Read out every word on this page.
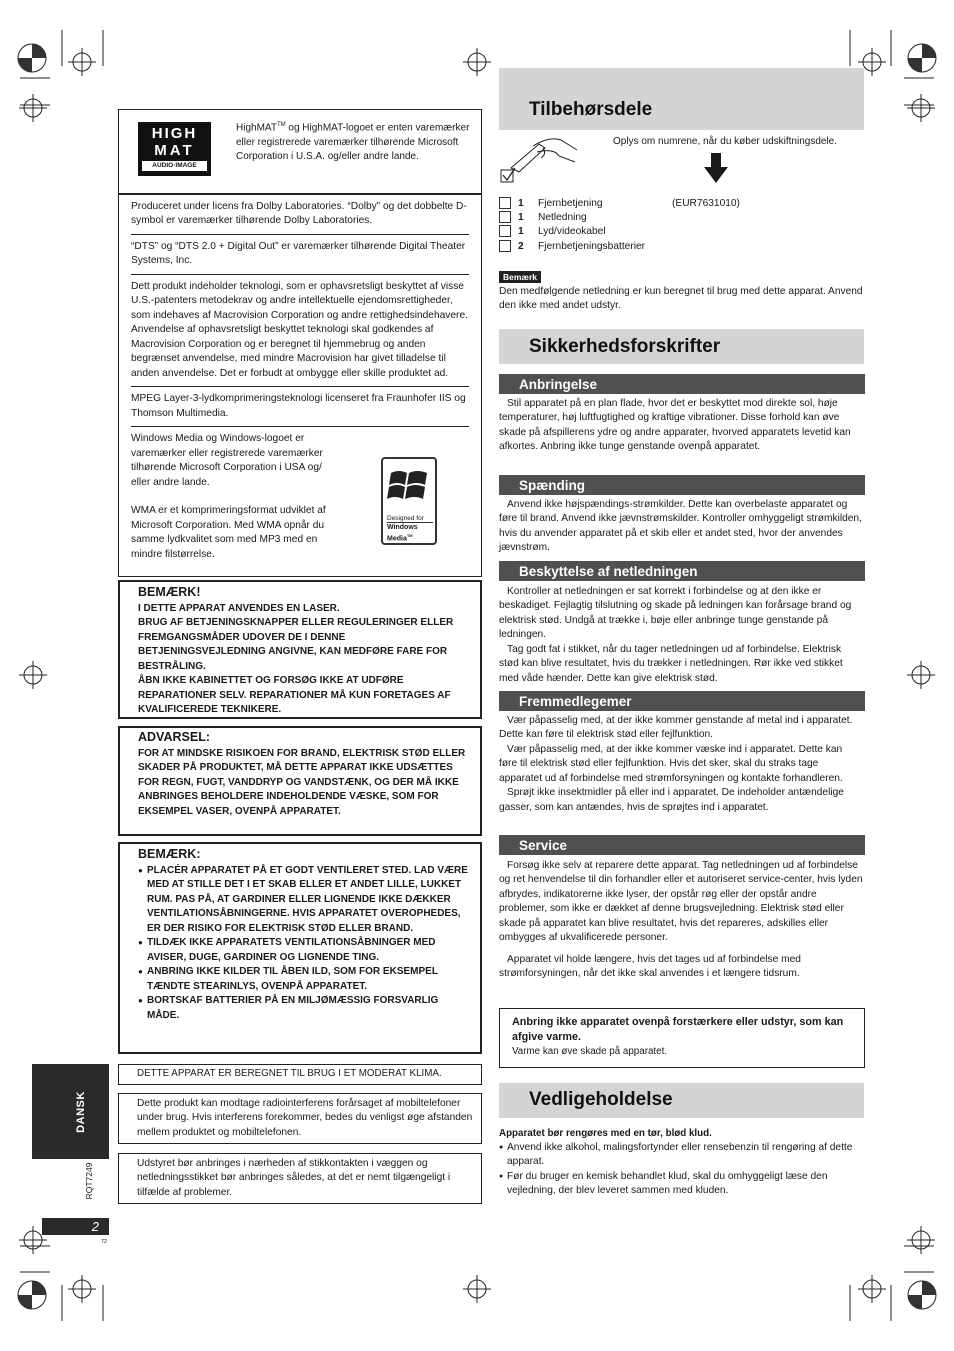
HIGH
MAT
AUDIO·IMAGE
HighMAT™ og HighMAT-logoet er enten varemærker eller registrerede varemærker tilhørende Microsoft Corporation i U.S.A. og/eller andre lande.

Produceret under licens fra Dolby Laboratories. “Dolby” og det dobbelte D-symbol er varemærker tilhørende Dolby Laboratories.

“DTS” og “DTS 2.0 + Digital Out” er varemærker tilhørende Digital Theater Systems, Inc.

Dett produkt indeholder teknologi, som er ophavsretsligt beskyttet af visse U.S.-patenters metodekrav og andre intellektuelle ejendomsrettigheder, som indehaves af Macrovision Corporation og andre rettighedsindehavere. Anvendelse af ophavsretsligt beskyttet teknologi skal godkendes af Macrovision Corporation og er beregnet til hjemmebrug og anden begrænset anvendelse, med mindre Macrovision har givet tilladelse til anden anvendelse. Det er forbudt at ombygge eller skille produktet ad.

MPEG Layer-3-lydkomprimeringsteknologi licenseret fra Fraunhofer IIS og Thomson Multimedia.

Windows Media og Windows-logoet er varemærker eller registrerede varemærker tilhørende Microsoft Corporation i USA og/ eller andre lande.

WMA er et komprimeringsformat udviklet af Microsoft Corporation. Med WMA opnår du samme lydkvalitet som med MP3 med en mindre filstørrelse.

Designed for
Windows
Media™

BEMÆRK!

I DETTE APPARAT ANVENDES EN LASER.

BRUG AF BETJENINGSKNAPPER ELLER REGULERINGER ELLER FREMGANGSMÅDER UDOVER DE I DENNE BETJENINGSVEJLEDNING ANGIVNE, KAN MEDFØRE FARE FOR BESTRÅLING.

ÅBN IKKE KABINETTET OG FORSØG IKKE AT UDFØRE REPARATIONER SELV. REPARATIONER MÅ KUN FORETAGES AF KVALIFICEREDE TEKNIKERE.

ADVARSEL:

FOR AT MINDSKE RISIKOEN FOR BRAND, ELEKTRISK STØD ELLER SKADER PÅ PRODUKTET, MÅ DETTE APPARAT IKKE UDSÆTTES FOR REGN, FUGT, VANDDRYP OG VANDSTÆNK, OG DER MÅ IKKE ANBRINGES BEHOLDERE INDEHOLDENDE VÆSKE, SOM FOR EKSEMPEL VASER, OVENPÅ APPARATET.

BEMÆRK:

● PLACÉR APPARATET PÅ ET GODT VENTILERET STED. LAD VÆRE MED AT STILLE DET I ET SKAB ELLER ET ANDET LILLE, LUKKET RUM. PAS PÅ, AT GARDINER ELLER LIGNENDE IKKE DÆKKER VENTILATIONSÅBNINGERNE. HVIS APPARATET OVEROPHEDES, ER DER RISIKO FOR ELEKTRISK STØD ELLER BRAND.
● TILDÆK IKKE APPARATETS VENTILATIONSÅBNINGER MED AVISER, DUGE, GARDINER OG LIGNENDE TING.
● ANBRING IKKE KILDER TIL ÅBEN ILD, SOM FOR EKSEMPEL TÆNDTE STEARINLYS, OVENPÅ APPARATET.
● BORTSKAF BATTERIER PÅ EN MILJØMÆSSIG FORSVARLIG MÅDE.
DETTE APPARAT ER BEREGNET TIL BRUG I ET MODERAT KLIMA.

Dette produkt kan modtage radiointerferens forårsaget af mobiltelefoner under brug. Hvis interferens forekommer, bedes du venligst øge afstanden mellem produktet og mobiltelefonen.

Udstyret bør anbringes i nærheden af stikkontakten i væggen og netledningsstikket bør anbringes således, at det er nemt tilgængeligt i tilfælde af problemer.

DANSK
RQT7249
2
72
Tilbehørsdele
Oplys om numrene, når du køber udskiftningsdele.
1 Fjernbetjening	(EUR7631010)
1 Netledning
1 Lyd/videokabel
2 Fjernbetjeningsbatterier
Bemærk
Den medfølgende netledning er kun beregnet til brug med dette apparat. Anvend den ikke med andet udstyr.
Sikkerhedsforskrifter
Anbringelse
Stil apparatet på en plan flade, hvor det er beskyttet mod direkte sol, høje temperaturer, høj luftfugtighed og kraftige vibrationer. Disse forhold kan øve skade på afspillerens ydre og andre apparater, hvorved apparatets levetid kan afkortes. Anbring ikke tunge genstande ovenpå apparatet.
Spænding
Anvend ikke højspændings-strømkilder. Dette kan overbelaste apparatet og føre til brand. Anvend ikke jævnstrømskilder. Kontroller omhyggeligt strømkilden, hvis du anvender apparatet på et skib eller et andet sted, hvor der anvendes jævnstrøm.
Beskyttelse af netledningen

Kontroller at netledningen er sat korrekt i forbindelse og at den ikke er beskadiget. Fejlagtig tilslutning og skade på ledningen kan forårsage brand og elektrisk stød. Undgå at trække i, bøje eller anbringe tunge genstande på ledningen.

Tag godt fat i stikket, når du tager netledningen ud af forbindelse. Elektrisk stød kan blive resultatet, hvis du trækker i netledningen. Rør ikke ved stikket med våde hænder. Dette kan give elektrisk stød.

Fremmedlegemer

Vær påpasselig med, at der ikke kommer genstande af metal ind i apparatet. Dette kan føre til elektrisk stød eller fejlfunktion.

Vær påpasselig med, at der ikke kommer væske ind i apparatet. Dette kan føre til elektrisk stød eller fejlfunktion. Hvis det sker, skal du straks tage apparatet ud af forbindelse med strømforsyningen og kontakte forhandleren.

Sprøjt ikke insektmidler på eller ind i apparatet. De indeholder antændelige gasser, som kan antændes, hvis de sprøjtes ind i apparatet.

Service

Forsøg ikke selv at reparere dette apparat. Tag netledningen ud af forbindelse og ret henvendelse til din forhandler eller et autoriseret service-center, hvis lyden afbrydes, indikatorerne ikke lyser, der opstår røg eller der opstår andre problemer, som ikke er dækket af denne brugsvejledning. Elektrisk stød eller skade på apparatet kan blive resultatet, hvis det repareres, adskilles eller ombygges af ukvalificerede personer.

Apparatet vil holde længere, hvis det tages ud af forbindelse med strømforsyningen, når det ikke skal anvendes i et længere tidsrum.

Anbring ikke apparatet ovenpå forstærkere eller udstyr, som kan afgive varme.

Varme kan øve skade på apparatet.

Vedligeholdelse

Apparatet bør rengøres med en tør, blød klud.

● Anvend ikke alkohol, malingsfortynder eller rensebenzin til rengøring af dette apparat.
● Før du bruger en kemisk behandlet klud, skal du omhyggeligt læse den vejledning, der blev leveret sammen med kluden.
